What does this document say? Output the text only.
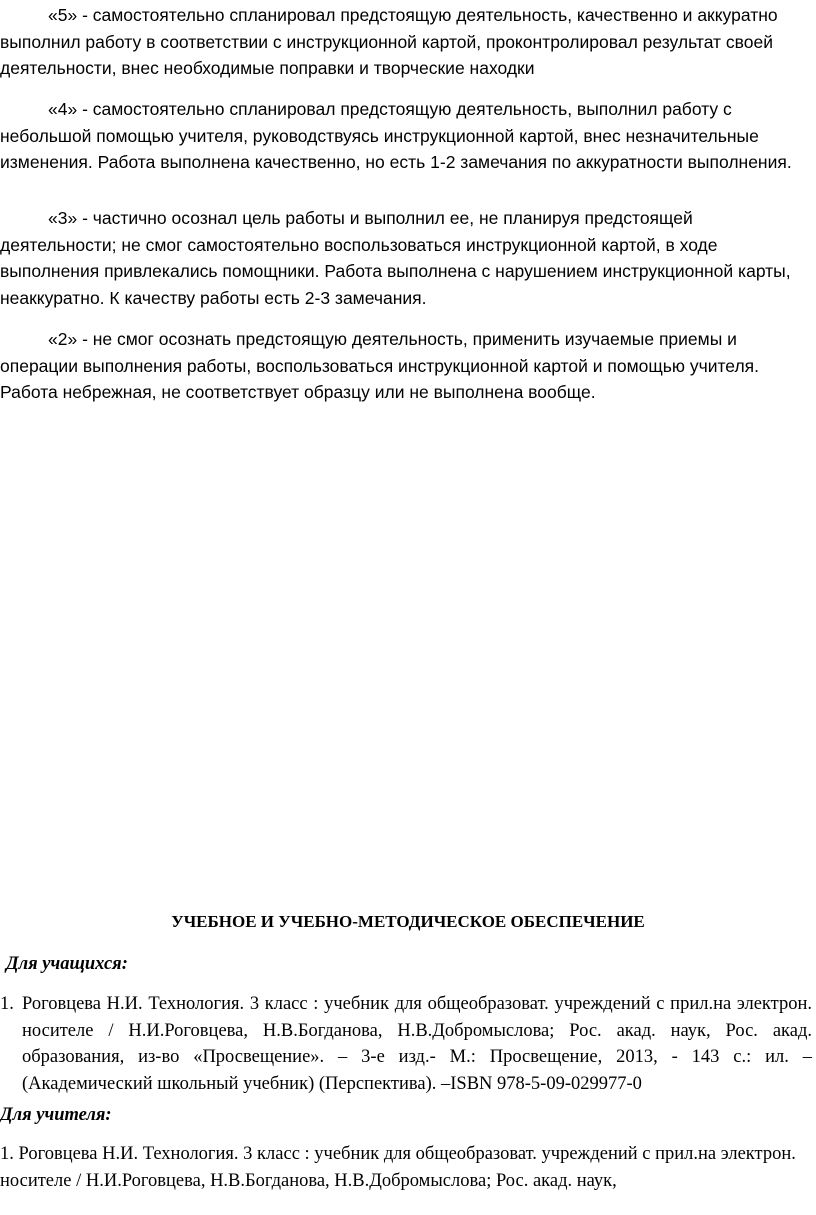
«5» - самостоятельно спланировал предстоящую деятельность, качественно и аккуратно выполнил работу в соответствии с инструкционной картой, проконтролировал результат своей деятельности, внес необходимые поправки и творческие находки

«4» - самостоятельно спланировал предстоящую деятельность, выполнил работу с небольшой помощью учителя, руководствуясь инструкционной картой, внес незначительные изменения. Работа выполнена качественно, но есть 1-2 замечания по аккуратности выполнения.

«3» - частично осознал цель работы и выполнил ее, не планируя предстоящей деятельности; не смог самостоятельно воспользоваться инструкционной картой, в ходе выполнения привлекались помощники. Работа выполнена с нарушением инструкционной карты, неаккуратно. К качеству работы есть 2-3 замечания.

«2» - не смог осознать предстоящую деятельность, применить изучаемые приемы и операции выполнения работы, воспользоваться инструкционной картой и помощью учителя. Работа небрежная, не соответствует образцу или не выполнена вообще.

УЧЕБНОЕ И УЧЕБНО-МЕТОДИЧЕСКОЕ ОБЕСПЕЧЕНИЕ
Для учащихся:
1. Роговцева Н.И. Технология. 3 класс : учебник для общеобразоват. учреждений с прил.на электрон. носителе / Н.И.Роговцева, Н.В.Богданова, Н.В.Добромыслова; Рос. акад. наук, Рос. акад. образования, из-во «Просвещение». – 3-е изд.- М.: Просвещение, 2013, - 143 с.: ил. – (Академический школьный учебник) (Перспектива). –ISBN 978-5-09-029977-0
Для учителя:
1. Роговцева Н.И. Технология. 3 класс : учебник для общеобразоват. учреждений с прил.на электрон. носителе / Н.И.Роговцева, Н.В.Богданова, Н.В.Добромыслова; Рос. акад. наук,
